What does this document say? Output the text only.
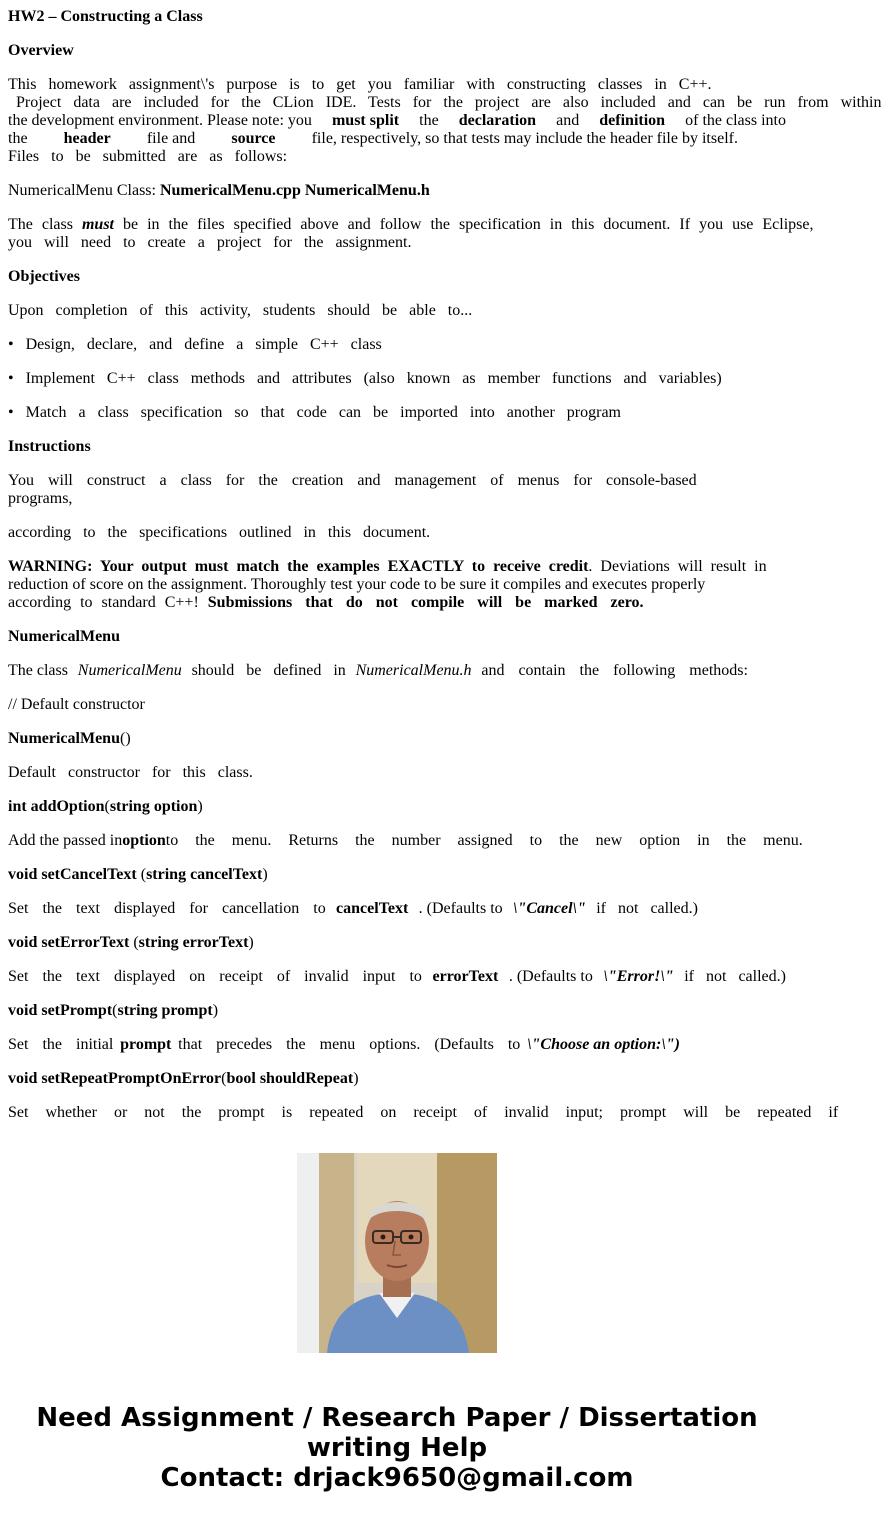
HW2 – Constructing a Class
Overview
This homework assignment\'s purpose is to get you familiar with constructing classes in C++.
Project data are included for the CLion IDE. Tests for the project are also included and can be run from within
the development environment. Please note: you must split the declaration and definition of the class into
the header file and source file, respectively, so that tests may include the header file by itself.
Files to be submitted are as follows:
NumericalMenu Class: NumericalMenu.cpp NumericalMenu.h
The class must be in the files specified above and follow the specification in this document. If you use Eclipse,
you will need to create a project for the assignment.
Objectives
Upon completion of this activity, students should be able to...
• Design, declare, and define a simple C++ class
• Implement C++ class methods and attributes (also known as member functions and variables)
• Match a class specification so that code can be imported into another program
Instructions
You will construct a class for the creation and management of menus for console-based
programs,
according to the specifications outlined in this document.
WARNING: Your output must match the examples EXACTLY to receive credit. Deviations will result in
reduction of score on the assignment. Thoroughly test your code to be sure it compiles and executes properly
according to standard C++! Submissions that do not compile will be marked zero.
NumericalMenu
The class NumericalMenu should be defined in NumericalMenu.h and contain the following methods:
// Default constructor
NumericalMenu()
Default constructor for this class.
int addOption(string option)
Add the passed in option to the menu. Returns the number assigned to the new option in the menu.
void setCancelText (string cancelText)
Set the text displayed for cancellation to cancelText . (Defaults to \"Cancel\" if not called.)
void setErrorText (string errorText)
Set the text displayed on receipt of invalid input to errorText . (Defaults to \"Error!\" if not called.)
void setPrompt(string prompt)
Set the initial prompt that precedes the menu options. (Defaults to \"Choose an option:\")
void setRepeatPromptOnError(bool shouldRepeat)
Set whether or not the prompt is repeated on receipt of invalid input; prompt will be repeated if
Need Assignment / Research Paper / Dissertation
writing Help
Contact: drjack9650@gmail.com
